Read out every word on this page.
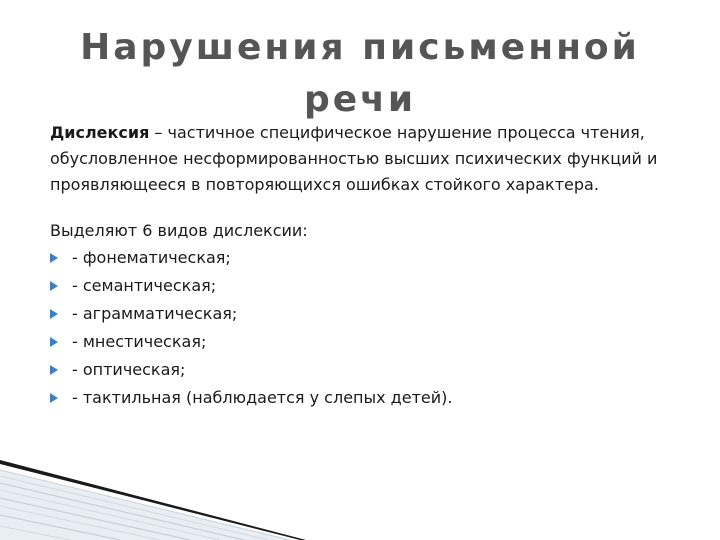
Нарушения письменной речи

Дислексия – частичное специфическое нарушение процесса чтения, обусловленное несформированностью высших психических функций и проявляющееся в повторяющихся ошибках стойкого характера.

Выделяют 6 видов дислексии:

- фонематическая;
- семантическая;
- аграмматическая;
- мнестическая;
- оптическая;
- тактильная (наблюдается у слепых детей).
